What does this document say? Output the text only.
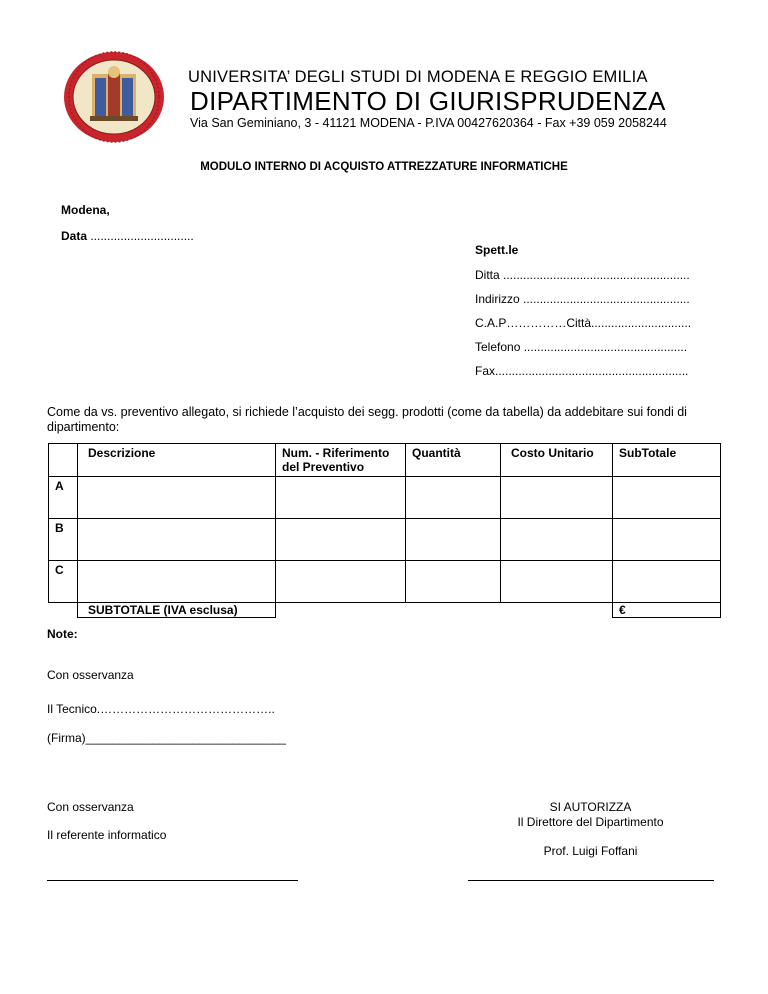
UNIVERSITA’ DEGLI STUDI DI MODENA E REGGIO EMILIA
DIPARTIMENTO DI GIURISPRUDENZA
Via San Geminiano, 3 - 41121 MODENA - P.IVA 00427620364 - Fax +39 059 2058244
MODULO INTERNO DI ACQUISTO ATTREZZATURE INFORMATICHE
Modena,
Data ...............................
Spett.le
Ditta ........................................................
Indirizzo ..................................................
C.A.P……………Città..............................
Telefono .................................................
Fax..........................................................
Come da vs. preventivo allegato, si richiede l’acquisto dei segg. prodotti (come da tabella) da addebitare sui fondi di dipartimento:
	Descrizione	Num. - Riferimento del Preventivo	Quantità	Costo Unitario	SubTotale
A					
B					
C					
	SUBTOTALE (IVA esclusa)				€
Note:
Con osservanza
Il Tecnico.……………………………………..
(Firma)______________________________
Con osservanza
Il referente informatico
SI AUTORIZZA
Il Direttore del Dipartimento
Prof. Luigi Foffani
